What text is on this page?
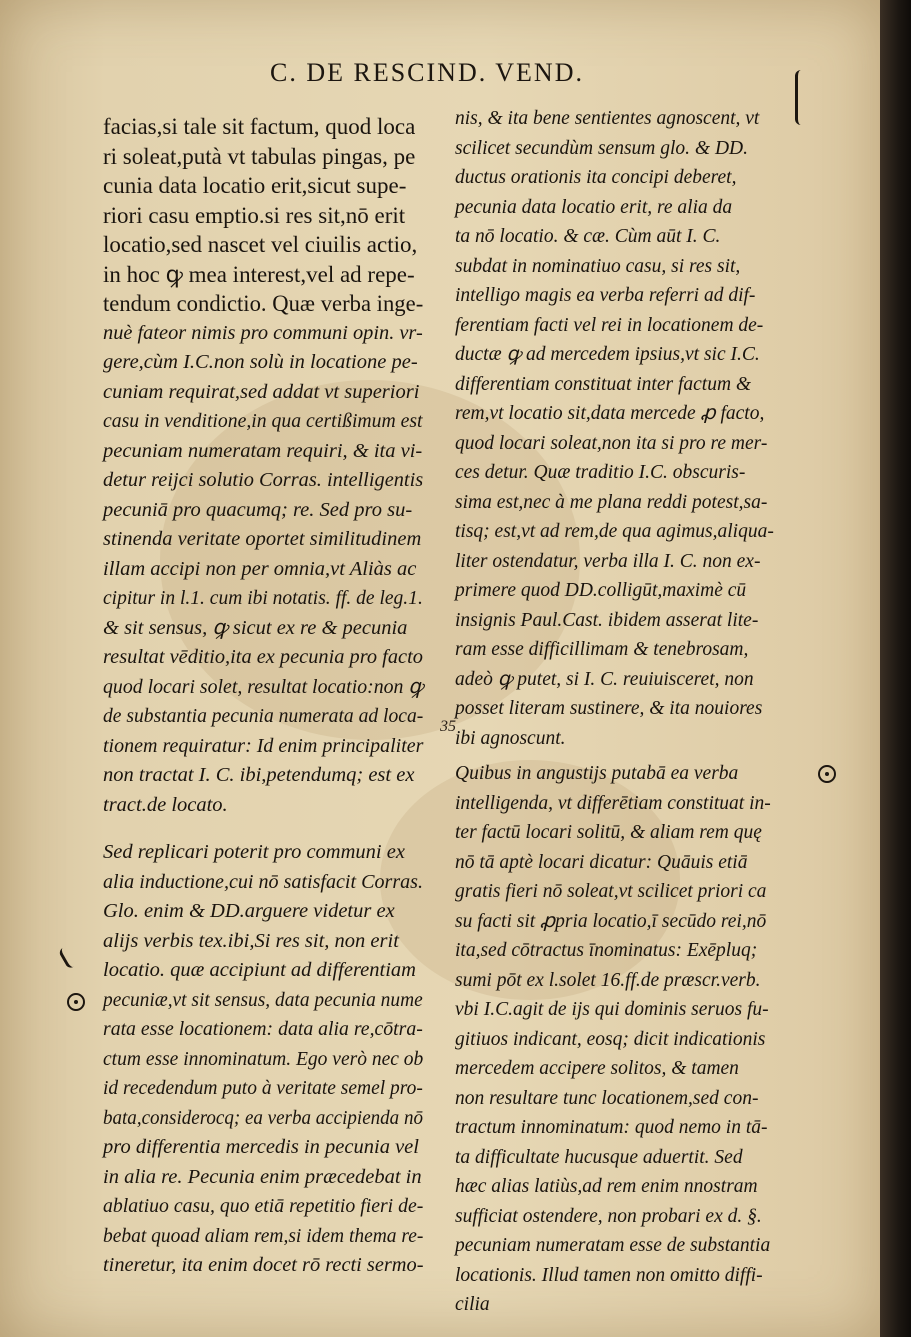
C. DE RESCIND. VEND.
facias,si tale sit factum, quod loca
ri soleat,putà vt tabulas pingas, pe
cunia data locatio erit,sicut supe-
riori casu emptio.si res sit,nō erit
locatio,sed nascet vel ciuilis actio,
in hoc ꝙ mea interest,vel ad repe-
tendum condictio. Quæ verba inge-
nuè fateor nimis pro communi opin. vr-
gere,cùm I.C.non solù in locatione pe-
cuniam requirat,sed addat vt superiori
casu in venditione,in qua certißimum est
pecuniam numeratam requiri, & ita vi-
detur reijci solutio Corras. intelligentis
pecuniā pro quacumq; re. Sed pro su-
stinenda veritate oportet similitudinem
illam accipi non per omnia,vt Aliàs ac
cipitur in l.1. cum ibi notatis. ff. de leg.1.
& sit sensus, ꝙ sicut ex re & pecunia
resultat vēditio,ita ex pecunia pro facto
quod locari solet, resultat locatio:non ꝙ
de substantia pecunia numerata ad loca-
tionem requiratur: Id enim principaliter
non tractat I. C. ibi,petendumq; est ex
tract.de locato.
Sed replicari poterit pro communi ex
alia inductione,cui nō satisfacit Corras.
Glo. enim & DD.arguere videtur ex
alijs verbis tex.ibi,Si res sit, non erit
locatio. quæ accipiunt ad differentiam
pecuniæ,vt sit sensus, data pecunia nume
rata esse locationem: data alia re,cōtra-
ctum esse innominatum. Ego verò nec ob
id recedendum puto à veritate semel pro-
bata,considerocq; ea verba accipienda nō
pro differentia mercedis in pecunia vel
in alia re. Pecunia enim præcedebat in
ablatiuo casu, quo etiā repetitio fieri de-
bebat quoad aliam rem,si idem thema re-
tineretur, ita enim docet rō recti sermo-
nis, & ita bene sentientes agnoscent, vt
scilicet secundùm sensum glo. & DD.
ductus orationis ita concipi deberet,
pecunia data locatio erit, re alia da
ta nō locatio. & cæ. Cùm aūt I. C.
subdat in nominatiuo casu, si res sit,
intelligo magis ea verba referri ad dif-
ferentiam facti vel rei in locationem de-
ductæ ꝙ ad mercedem ipsius,vt sic I.C.
differentiam constituat inter factum &
rem,vt locatio sit,data mercede ꝓ facto,
quod locari soleat,non ita si pro re mer-
ces detur. Quæ traditio I.C. obscuris-
sima est,nec à me plana reddi potest,sa-
tisq; est,vt ad rem,de qua agimus,aliqua-
liter ostendatur, verba illa I. C. non ex-
primere quod DD.colligūt,maximè cū
insignis Paul.Cast. ibidem asserat lite-
ram esse difficillimam & tenebrosam,
adeò ꝙ putet, si I. C. reuiuisceret, non
posset literam sustinere, & ita nouiores
ibi agnoscunt.
Quibus in angustijs putabā ea verba
intelligenda, vt differētiam constituat in-
ter factū locari solitū, & aliam rem quę
nō tā aptè locari dicatur: Quāuis etiā
gratis fieri nō soleat,vt scilicet priori ca
su facti sit ꝓpria locatio,ī secūdo rei,nō
ita,sed cōtractus īnominatus: Exēpluq;
sumi pōt ex l.solet 16.ff.de præscr.verb.
vbi I.C.agit de ijs qui dominis seruos fu-
gitiuos indicant, eosq; dicit indicationis
mercedem accipere solitos, & tamen
non resultare tunc locationem,sed con-
tractum innominatum: quod nemo in tā-
ta difficultate hucusque aduertit. Sed
hæc alias latiùs,ad rem enim nnostram
sufficiat ostendere, non probari ex d. §.
pecuniam numeratam esse de substantia
locationis. Illud tamen non omitto diffi-
cilia
35
